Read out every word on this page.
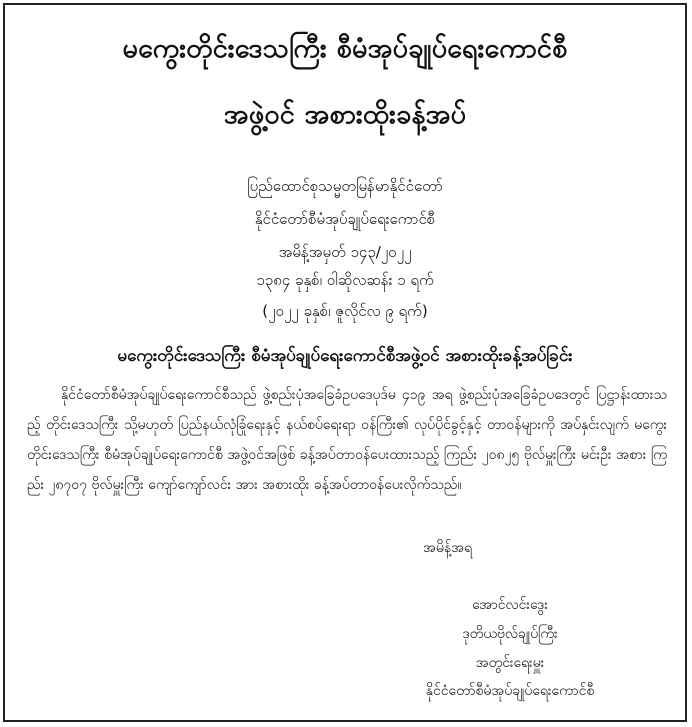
မကွေးတိုင်းဒေသကြီး စီမံအုပ်ချုပ်ရေးကောင်စီ
အဖွဲ့ဝင် အစားထိုးခန့်အပ်
ပြည်ထောင်စုသမ္မတမြန်မာနိုင်ငံတော်
နိုင်ငံတော်စီမံအုပ်ချုပ်ရေးကောင်စီ
အမိန့်အမှတ် ၁၄၃/၂၀၂၂
၁၃၈၄ ခုနှစ်၊ ဝါဆိုလဆန်း ၁ ရက်
(၂၀၂၂ ခုနှစ်၊ ဇူလိုင်လ ၉ ရက်)
မကွေးတိုင်းဒေသကြီး စီမံအုပ်ချုပ်ရေးကောင်စီအဖွဲ့ဝင် အစားထိုးခန့်အပ်ခြင်း
နိုင်ငံတော်စီမံအုပ်ချုပ်ရေးကောင်စီသည် ဖွဲ့စည်းပုံအခြေခံဥပဒေပုဒ်မ ၄၁၉ အရ ဖွဲ့စည်းပုံအခြေခံဥပဒေတွင် ပြဋ္ဌာန်းထားသည့် တိုင်းဒေသကြီး သို့မဟုတ် ပြည်နယ်လုံခြုံရေးနှင့် နယ်စပ်ရေးရာ ဝန်ကြီး၏ လုပ်ပိုင်ခွင့်နှင့် တာဝန်များကို အပ်နှင်းလျက် မကွေးတိုင်းဒေသကြီး စီမံအုပ်ချုပ်ရေးကောင်စီ အဖွဲ့ဝင်အဖြစ် ခန့်အပ်တာဝန်ပေးထားသည့် ကြည်း ၂၀၈၂၅ ဗိုလ်မှူးကြီး မင်းဦး အစား ကြည်း ၂၈၇၀၇ ဗိုလ်မှူးကြီး ကျော်ကျော်လင်း အား အစားထိုး ခန့်အပ်တာဝန်ပေးလိုက်သည်။
အမိန့်အရ
အောင်လင်းဒွေး
ဒုတိယဗိုလ်ချုပ်ကြီး
အတွင်းရေးမှူး
နိုင်ငံတော်စီမံအုပ်ချုပ်ရေးကောင်စီ
